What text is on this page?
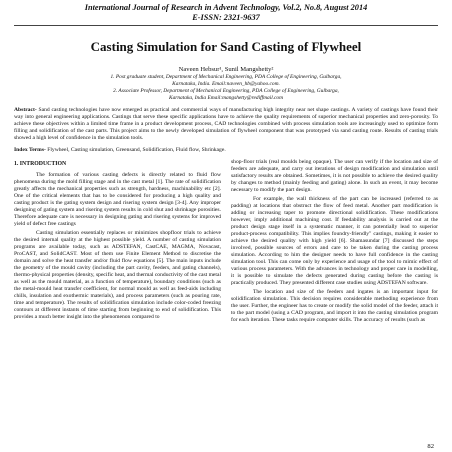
International Journal of Research in Advent Technology, Vol.2, No.8, August 2014
E-ISSN: 2321-9637
Casting Simulation for Sand Casting of Flywheel
Naveen Hebsur¹, Sunil Mangshetty²
1. Post graduate student, Department of Mechanical Engineering, PDA College of Engineering, Gulbarga,
Karnataka, India. Email:naveen_hb@yahoo.com.
2. Associate Professor, Department of Mechanical Engineering, PDA College of Engineering, Gulbarga,
Karnataka, India Email:mangshetty@rediffmail.com
Abstract- Sand casting technologies have now emerged as practical and commercial ways of manufacturing high integrity near net shape castings. A variety of castings have found their way into general engineering applications. Castings that serve these specific applications have to achieve the quality requirements of superior mechanical properties and zero-porosity. To achieve these objectives within a limited time frame in a product development process, CAD technologies combined with process simulation tools are increasingly used to optimize form filling and solidification of the cast parts. This project aims to the newly developed simulation of flywheel component that was prototyped via sand casting route. Results of casting trials showed a high level of confidence in the simulation tools.
Index Terms- Flywheel, Casting simulation, Greensand, Solidification, Fluid flow, Shrinkage.
1. INTRODUCTION

The formation of various casting defects is directly related to fluid flow phenomena during the mold filling stage and in the cast metal [1]. The rate of solidification greatly affects the mechanical properties such as strength, hardness, machinability etc [2]. One of the critical elements that has to be considered for producing a high quality and casting product is the gating system design and risering system design [3-4]. Any improper designing of gating system and risering system results in cold shut and shrinkage porosities. Therefore adequate care is necessary in designing gating and risering systems for improved yield of defect free castings

Casting simulation essentially replaces or minimizes shopfloor trials to achieve the desired internal quality at the highest possible yield. A number of casting simulation programs are available today, such as ADSTEFAN, CastCAE, MAGMA, Novacast, ProCAST, and SolidCAST. Most of them use Finite Element Method to discretise the domain and solve the heat transfer and/or fluid flow equations [5]. The main inputs include the geometry of the mould cavity (including the part cavity, feeders, and gating channels), thermo-physical properties (density, specific heat, and thermal conductivity of the cast metal as well as the mould material, as a function of temperature), boundary conditions (such as the metal-mould heat transfer coefficient, for normal mould as well as feed-aids including chills, insulation and exothermic materials), and process parameters (such as pouring rate, time and temperature). The results of solidification simulation include color-coded freezing contours at different instants of time starting from beginning to end of solidification. This provides a much better insight into the phenomenon compared to

shop-floor trials (real moulds being opaque). The user can verify if the location and size of feeders are adequate, and carry out iterations of design modification and simulation until satisfactory results are obtained. Sometimes, it is not possible to achieve the desired quality by changes to method (mainly feeding and gating) alone. In such an event, it may become necessary to modify the part design.

For example, the wall thickness of the part can be increased (referred to as padding) at locations that obstruct the flow of feed metal. Another part modification is adding or increasing taper to promote directional solidification. These modifications however, imply additional machining cost. If feedability analysis is carried out at the product design stage itself in a systematic manner, it can potentially lead to superior product-process compatibility. This implies foundry-friendly" castings, making it easier to achieve the desired quality with high yield [6]. Shamasundar [7] discussed the steps involved, possible sources of errors and care to be taken during the casting process simulation. According to him the designer needs to have full confidence in the casting simulation tool. This can come only by experience and usage of the tool to mimic effect of various process parameters. With the advances in technology and proper care in modelling, it is possible to simulate the defects generated during casting before the casting is practically produced. They presented different case studies using ADSTEFAN software.

The location and size of the feeders and ingates is an important input for solidification simulation. This decision requires considerable methoding experience from the user. Further, the engineer has to create or modify the solid model of the feeder, attach it to the part model (using a CAD program, and import it into the casting simulation program for each iteration. These tasks require computer skills. The accuracy of results (such as

82
